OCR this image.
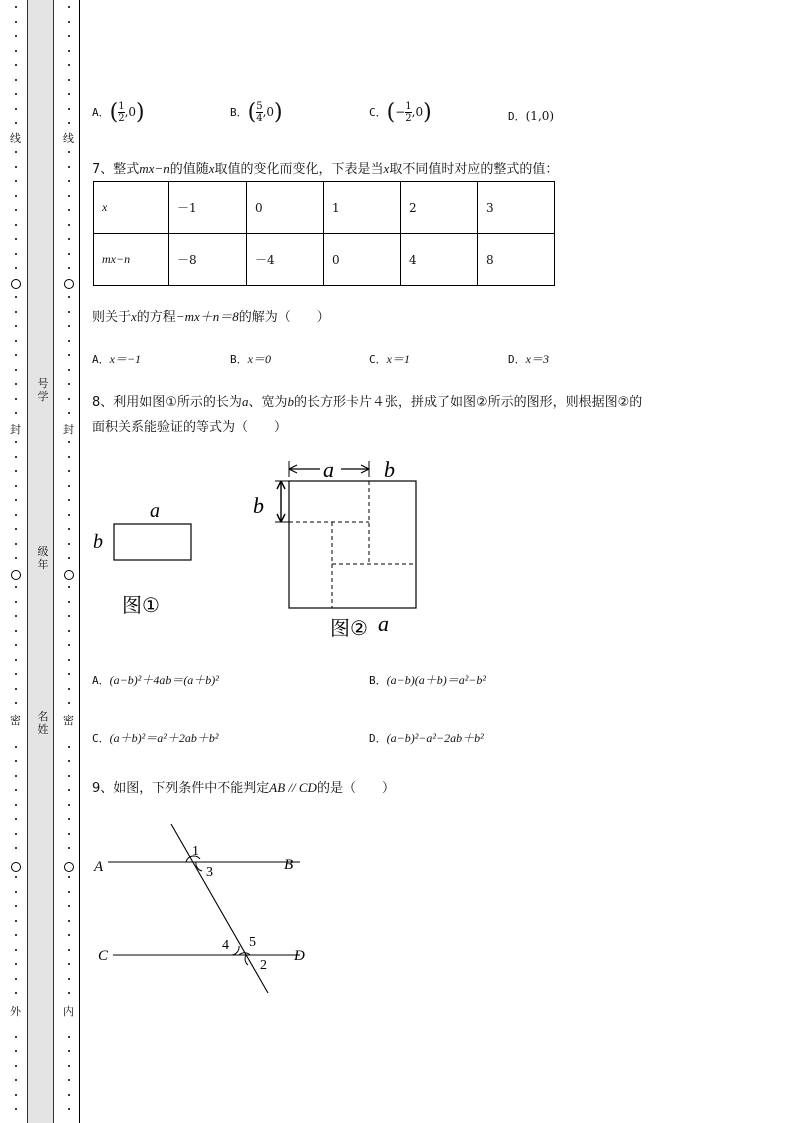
线
封
密
外
线
封
密
内
号
学
级
年
名
姓
A．( $\frac{1}{2} ,0$)	B．( $\frac{5}{4} ,0$)	C．(− $\frac{1}{2} ,0$)	D．(1,0)
7、整式mx−n的值随x取值的变化而变化，下表是当x取不同值时对应的整式的值：
x	－1	0	1	2	3
mx−n	－8	－4	0	4	8
则关于x的方程−mx＋n＝8的解为（　　）
A．x＝−1	B．x＝0	C．x＝1	D．x＝3
8、利用如图①所示的长为a、宽为b的长方形卡片４张，拼成了如图②所示的图形，则根据图②的
面积关系能验证的等式为（　　）
a
b
图①
a b
b
图② a
A．(a−b)²＋4ab＝(a＋b)²	B．(a−b)(a＋b)＝a²−b²
C．(a＋b)²＝a²＋2ab＋b²	D．(a−b)²−a²−2ab＋b²
9、如图，下列条件中不能判定AB // CD的是（　　）
A	B
C	D
1
3
4 5
2
